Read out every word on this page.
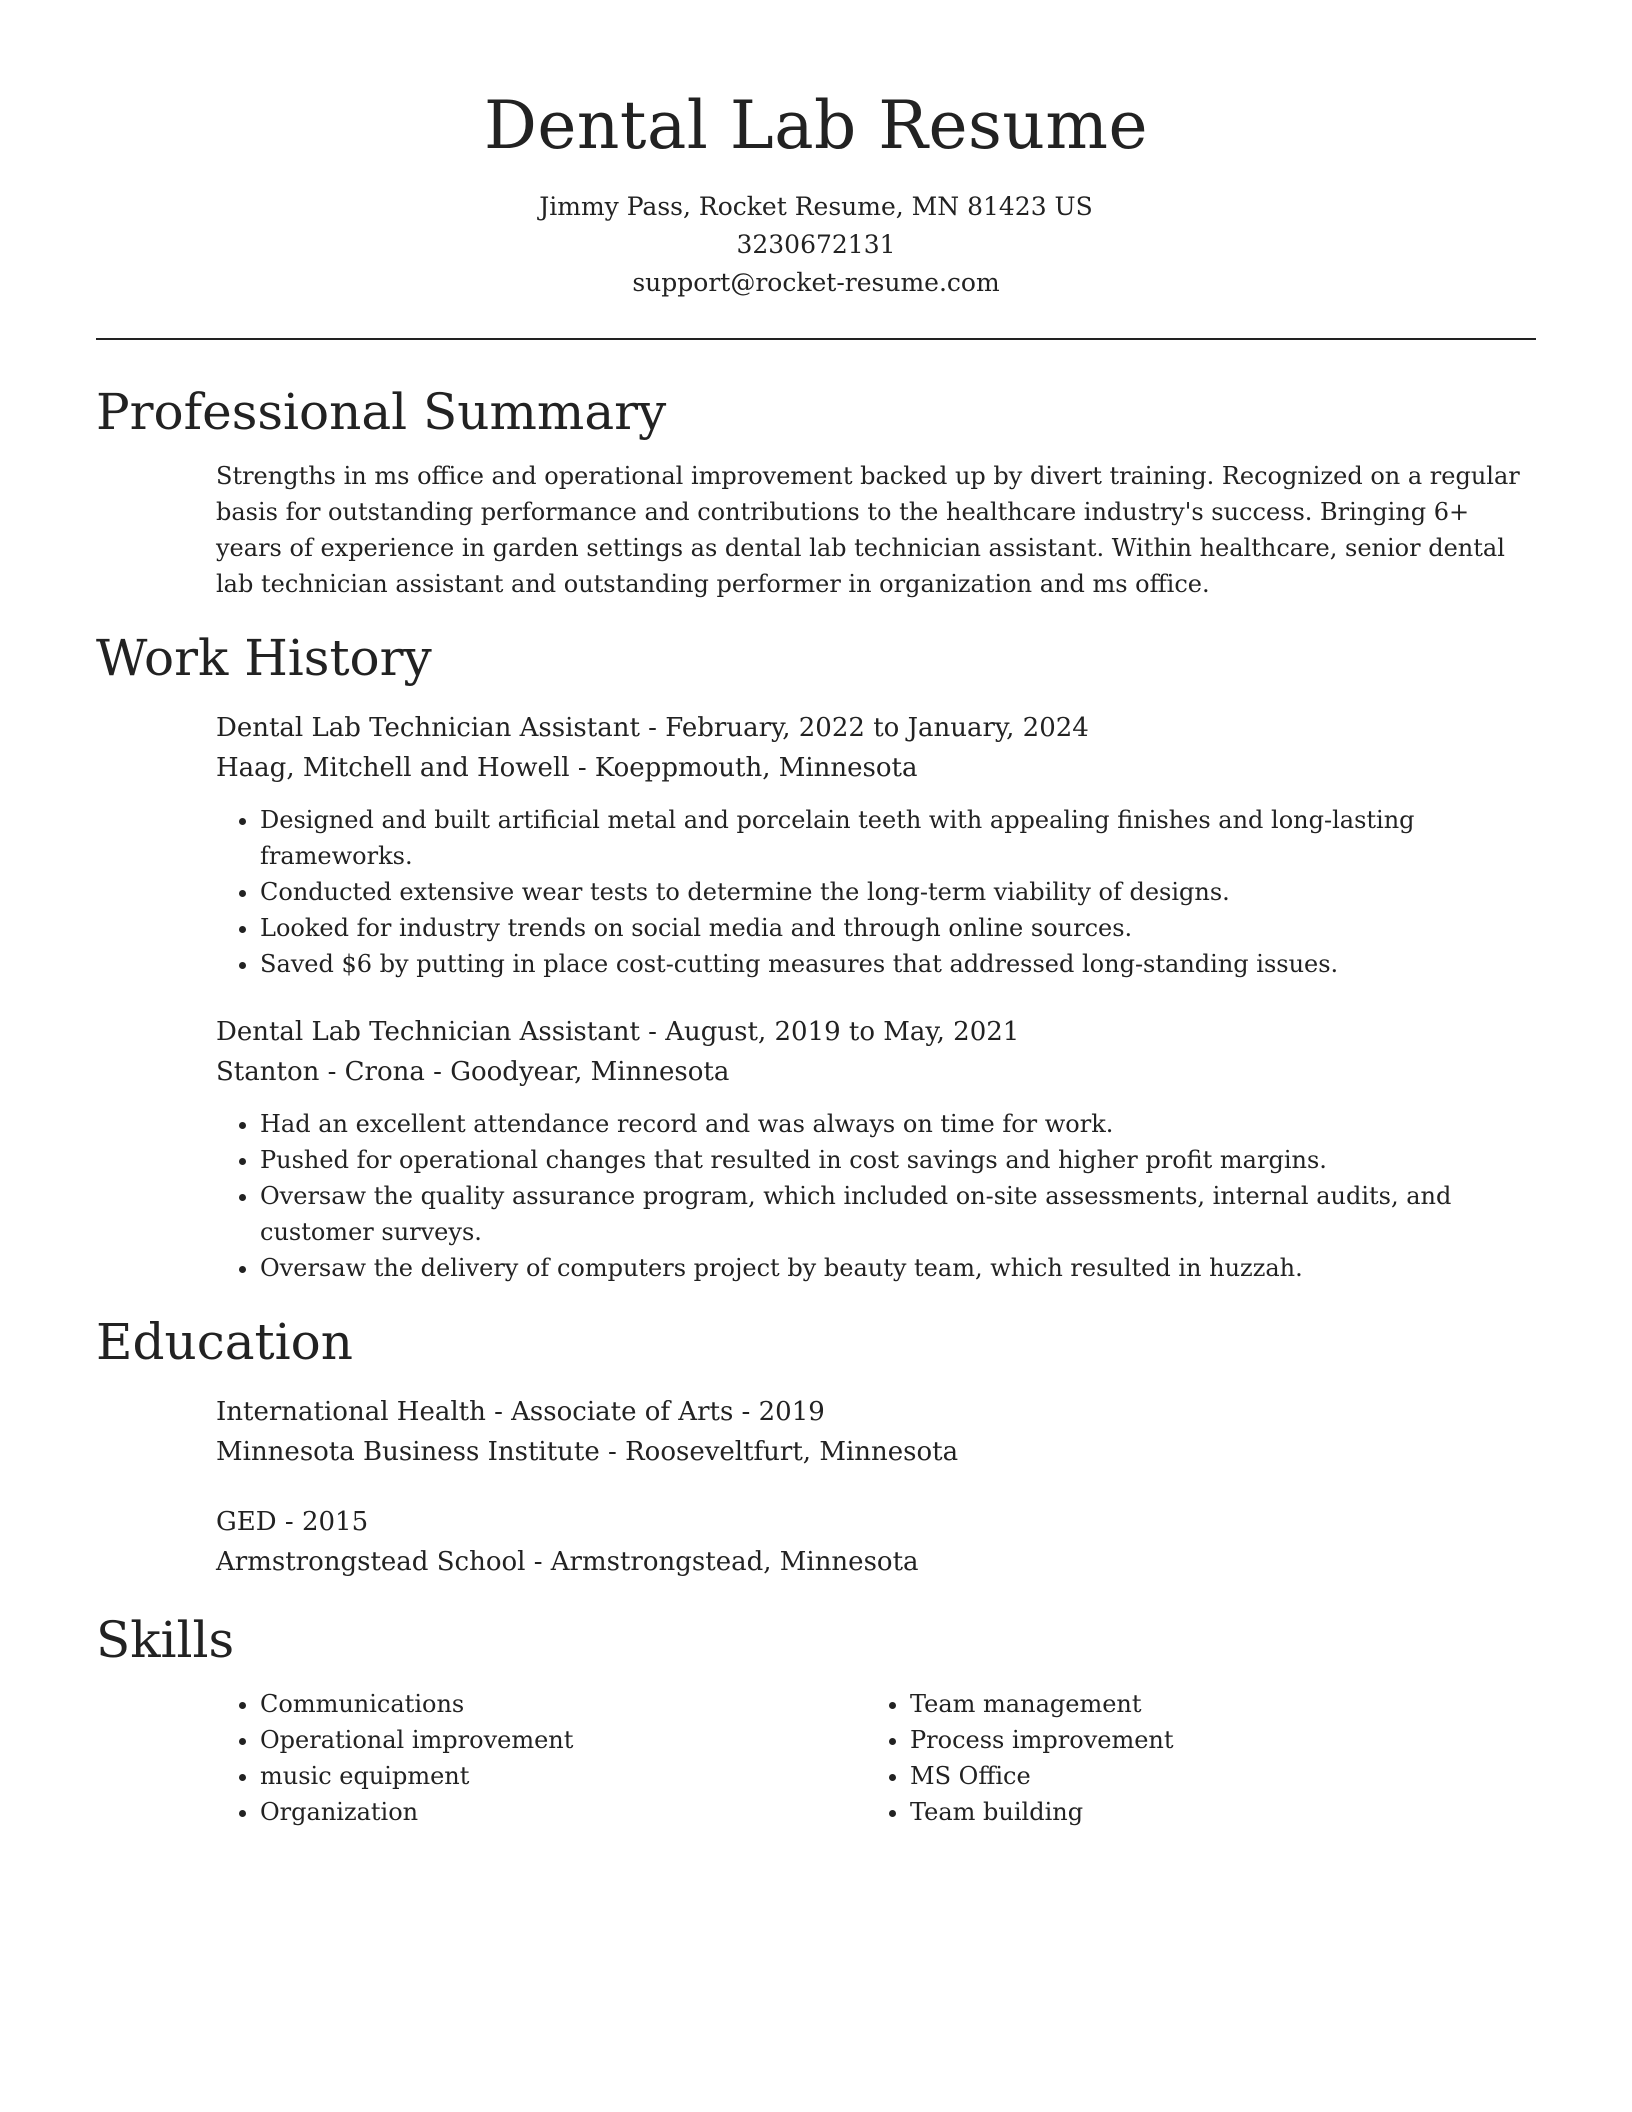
Dental Lab Resume
Jimmy Pass, Rocket Resume, MN 81423 US
3230672131
support@rocket-resume.com
Professional Summary
Strengths in ms office and operational improvement backed up by divert training. Recognized on a regular basis for outstanding performance and contributions to the healthcare industry's success. Bringing 6+ years of experience in garden settings as dental lab technician assistant. Within healthcare, senior dental lab technician assistant and outstanding performer in organization and ms office.
Work History
Dental Lab Technician Assistant - February, 2022 to January, 2024
Haag, Mitchell and Howell - Koeppmouth, Minnesota
• Designed and built artificial metal and porcelain teeth with appealing finishes and long-lasting frameworks.
• Conducted extensive wear tests to determine the long-term viability of designs.
• Looked for industry trends on social media and through online sources.
• Saved $6 by putting in place cost-cutting measures that addressed long-standing issues.
Dental Lab Technician Assistant - August, 2019 to May, 2021
Stanton - Crona - Goodyear, Minnesota
• Had an excellent attendance record and was always on time for work.
• Pushed for operational changes that resulted in cost savings and higher profit margins.
• Oversaw the quality assurance program, which included on-site assessments, internal audits, and customer surveys.
• Oversaw the delivery of computers project by beauty team, which resulted in huzzah.
Education
International Health - Associate of Arts - 2019
Minnesota Business Institute - Rooseveltfurt, Minnesota
GED - 2015
Armstrongstead School - Armstrongstead, Minnesota
Skills
• Communications
• Operational improvement
• music equipment
• Organization
• Team management
• Process improvement
• MS Office
• Team building
